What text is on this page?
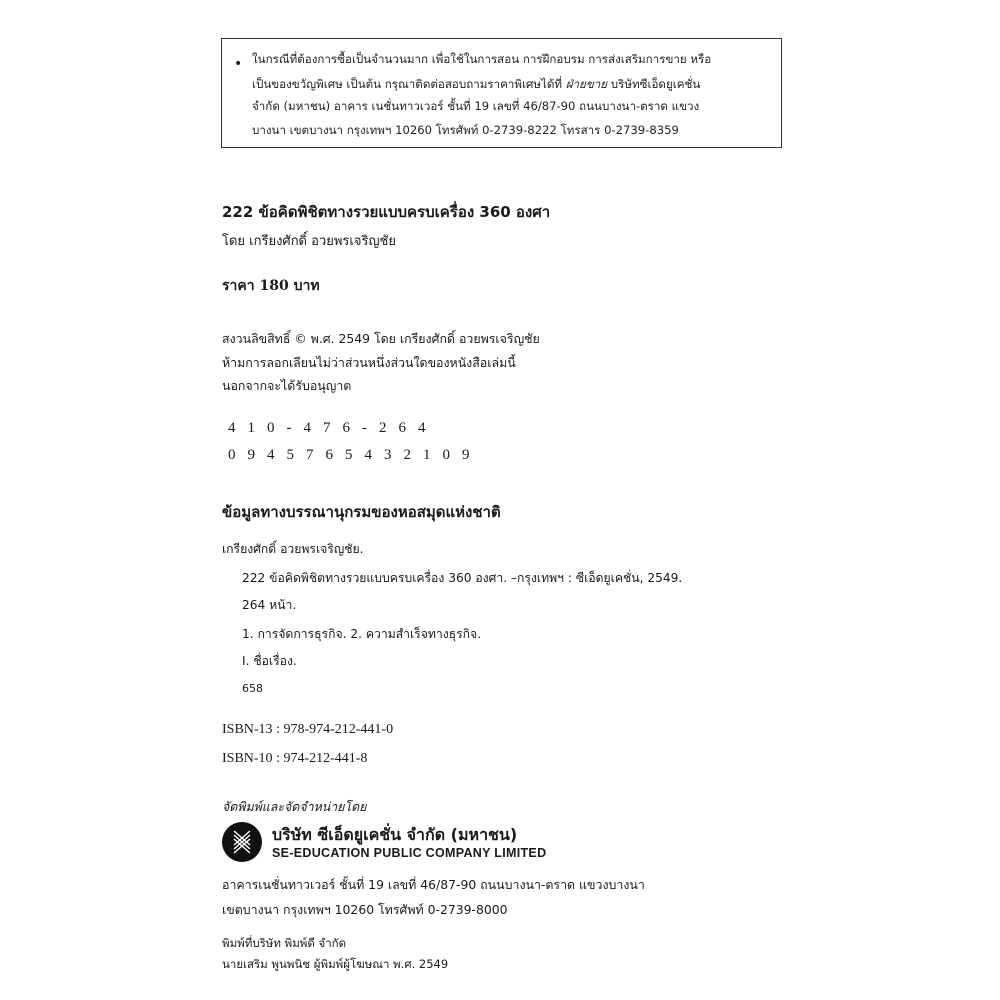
• ในกรณีที่ต้องการซื้อเป็นจำนวนมาก เพื่อใช้ในการสอน การฝึกอบรม การส่งเสริมการขาย หรือ
เป็นของขวัญพิเศษ เป็นต้น กรุณาติดต่อสอบถามราคาพิเศษได้ที่ ฝ่ายขาย บริษัทซีเอ็ดยูเคชั่น
จำกัด (มหาชน) อาคาร เนชั่นทาวเวอร์ ชั้นที่ 19 เลขที่ 46/87-90 ถนนบางนา-ตราด แขวง
บางนา เขตบางนา กรุงเทพฯ 10260 โทรศัพท์ 0-2739-8222 โทรสาร 0-2739-8359
222 ข้อคิดพิชิตทางรวยแบบครบเครื่อง 360 องศา
โดย เกรียงศักดิ์ อวยพรเจริญชัย
ราคา 180 บาท
สงวนลิขสิทธิ์ © พ.ศ. 2549 โดย เกรียงศักดิ์ อวยพรเจริญชัย
ห้ามการลอกเลียนไม่ว่าส่วนหนึ่งส่วนใดของหนังสือเล่มนี้
นอกจากจะได้รับอนุญาต
410-476-264
0945765432109
ข้อมูลทางบรรณานุกรมของหอสมุดแห่งชาติ
เกรียงศักดิ์ อวยพรเจริญชัย.
222 ข้อคิดพิชิตทางรวยแบบครบเครื่อง 360 องศา. –กรุงเทพฯ : ซีเอ็ดยูเคชั่น, 2549.
264 หน้า.
1. การจัดการธุรกิจ. 2. ความสำเร็จทางธุรกิจ.
I. ชื่อเรื่อง.
658
ISBN-13 : 978-974-212-441-0
ISBN-10 : 974-212-441-8
จัดพิมพ์และจัดจำหน่ายโดย
บริษัท ซีเอ็ดยูเคชั่น จำกัด (มหาชน)
SE-EDUCATION PUBLIC COMPANY LIMITED
อาคารเนชั่นทาวเวอร์ ชั้นที่ 19 เลขที่ 46/87-90 ถนนบางนา-ตราด แขวงบางนา
เขตบางนา กรุงเทพฯ 10260 โทรศัพท์ 0-2739-8000
พิมพ์ที่บริษัท พิมพ์ดี จำกัด
นายเสริม พูนพนิช ผู้พิมพ์ผู้โฆษณา พ.ศ. 2549
